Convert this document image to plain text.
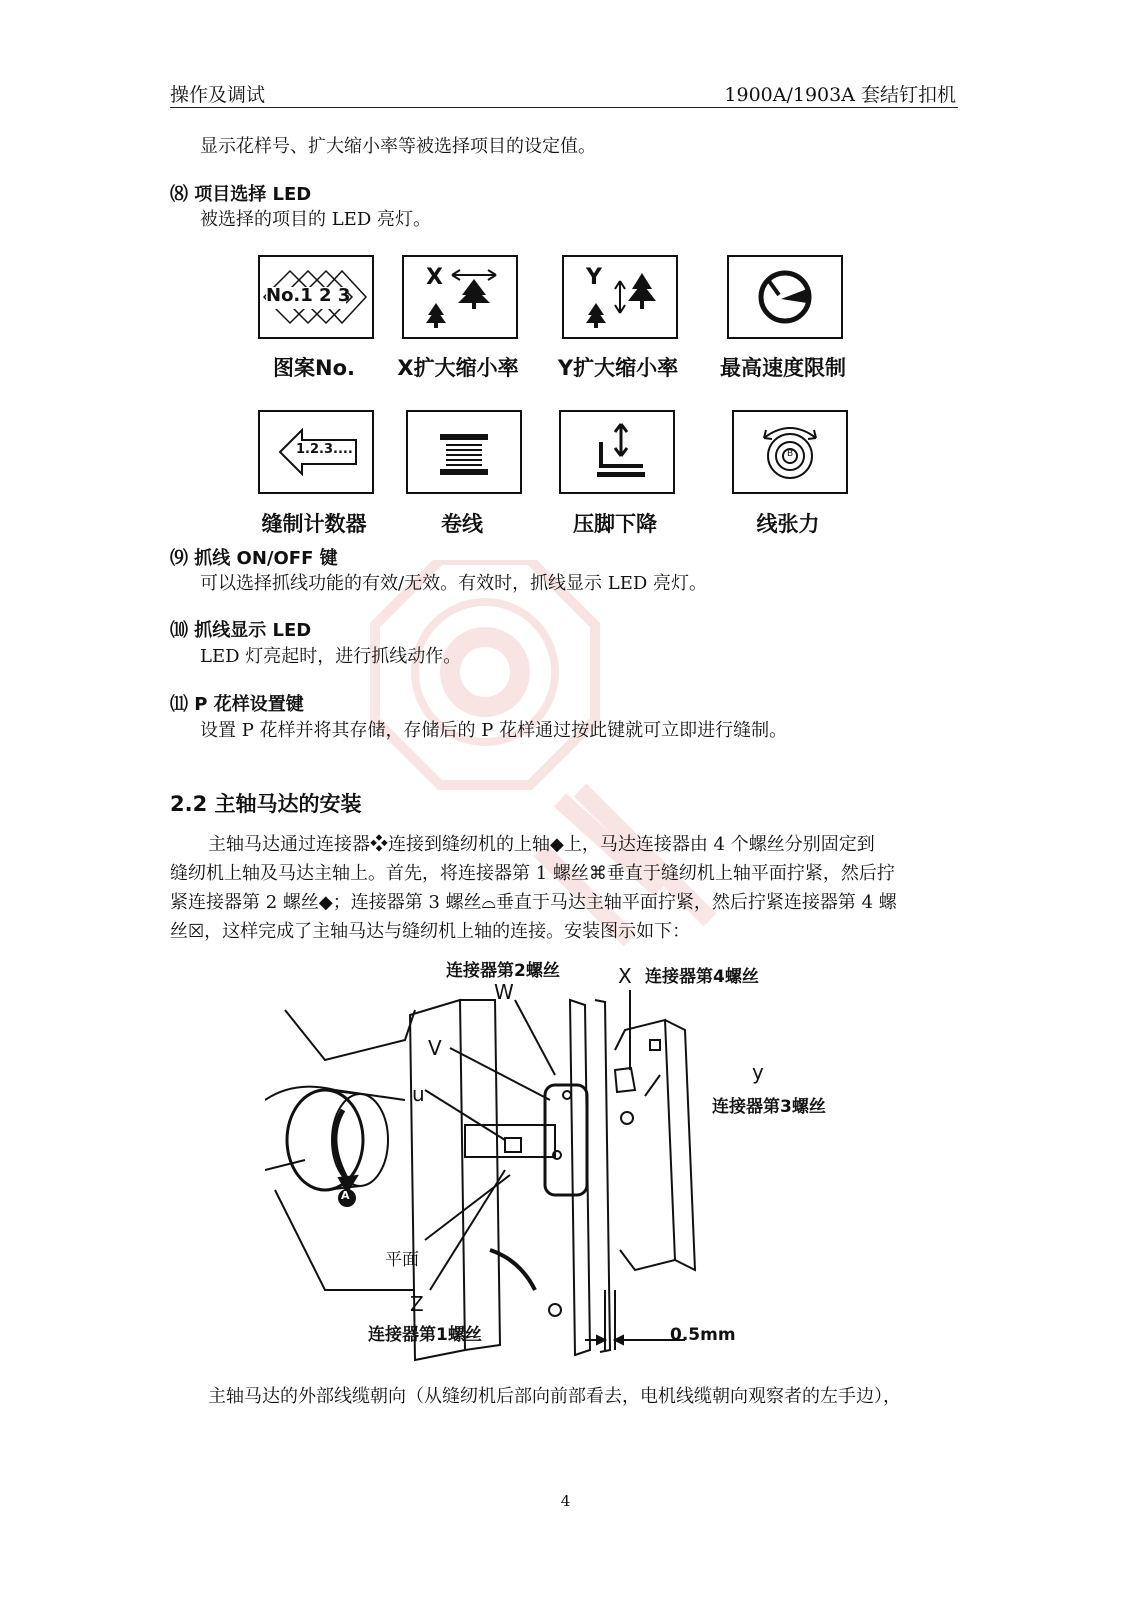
操作及调试	1900A/1903A 套结钉扣机
显示花样号、扩大缩小率等被选择项目的设定值。
⑻ 项目选择 LED
被选择的项目的 LED 亮灯。
No.1 2 3
X	Y
图案No.	X扩大缩小率	Y扩大缩小率	最高速度限制
1.2.3....	B
缝制计数器	卷线	压脚下降	线张力
⑼ 抓线 ON/OFF 键
可以选择抓线功能的有效/无效。有效时，抓线显示 LED 亮灯。
⑽ 抓线显示 LED
LED 灯亮起时，进行抓线动作。
⑾ P 花样设置键
设置 P 花样并将其存储，存储后的 P 花样通过按此键就可立即进行缝制。
2.2 主轴马达的安装
主轴马达通过连接器❖连接到缝纫机的上轴◆上，马达连接器由 4 个螺丝分别固定到
缝纫机上轴及马达主轴上。首先，将连接器第 1 螺丝⌘垂直于缝纫机上轴平面拧紧，然后拧
紧连接器第 2 螺丝◆；连接器第 3 螺丝⌓垂直于马达主轴平面拧紧，然后拧紧连接器第 4 螺
丝☒，这样完成了主轴马达与缝纫机上轴的连接。安装图示如下：
连接器第2螺丝	连接器第4螺丝
连接器第3螺丝
连接器第1螺丝
平面
0.5mm
W
V
u
X
y
Z
A
主轴马达的外部线缆朝向（从缝纫机后部向前部看去，电机线缆朝向观察者的左手边），
4
